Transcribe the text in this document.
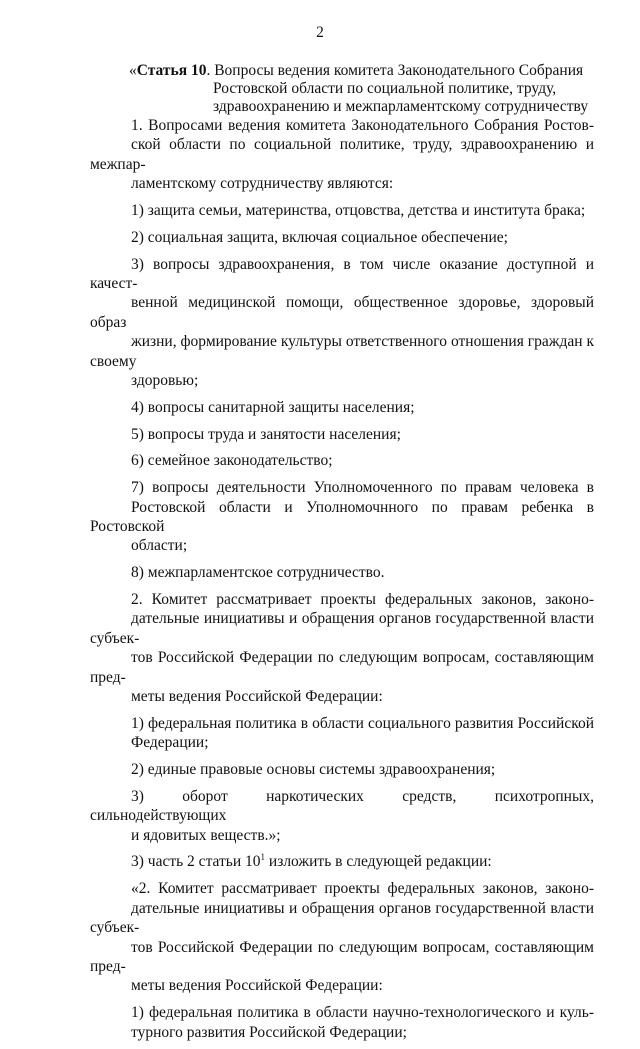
2
«Статья 10. Вопросы ведения комитета Законодательного Собрания
Ростовской области по социальной политике, труду,
здравоохранению и межпарламентскому сотрудничеству
1. Вопросами ведения комитета Законодательного Собрания Ростов-
ской области по социальной политике, труду, здравоохранению и межпар-
ламентскому сотрудничеству являются:
1) защита семьи, материнства, отцовства, детства и института брака;
2) социальная защита, включая социальное обеспечение;
3) вопросы здравоохранения, в том числе оказание доступной и качест-
венной медицинской помощи, общественное здоровье, здоровый образ
жизни, формирование культуры ответственного отношения граждан к своему
здоровью;
4) вопросы санитарной защиты населения;
5) вопросы труда и занятости населения;
6) семейное законодательство;
7) вопросы деятельности Уполномоченного по правам человека в
Ростовской области и Уполномочнного по правам ребенка в Ростовской
области;
8) межпарламентское сотрудничество.
2. Комитет рассматривает проекты федеральных законов, законо-
дательные инициативы и обращения органов государственной власти субъек-
тов Российской Федерации по следующим вопросам, составляющим пред-
меты ведения Российской Федерации:
1) федеральная политика в области социального развития Российской
Федерации;
2) единые правовые основы системы здравоохранения;
3) оборот наркотических средств, психотропных, сильнодействующих
и ядовитых веществ.»;
3) часть 2 статьи $10^1$ изложить в следующей редакции:
«2. Комитет рассматривает проекты федеральных законов, законо-
дательные инициативы и обращения органов государственной власти субъек-
тов Российской Федерации по следующим вопросам, составляющим пред-
меты ведения Российской Федерации:
1) федеральная политика в области научно-технологического и куль-
турного развития Российской Федерации;
